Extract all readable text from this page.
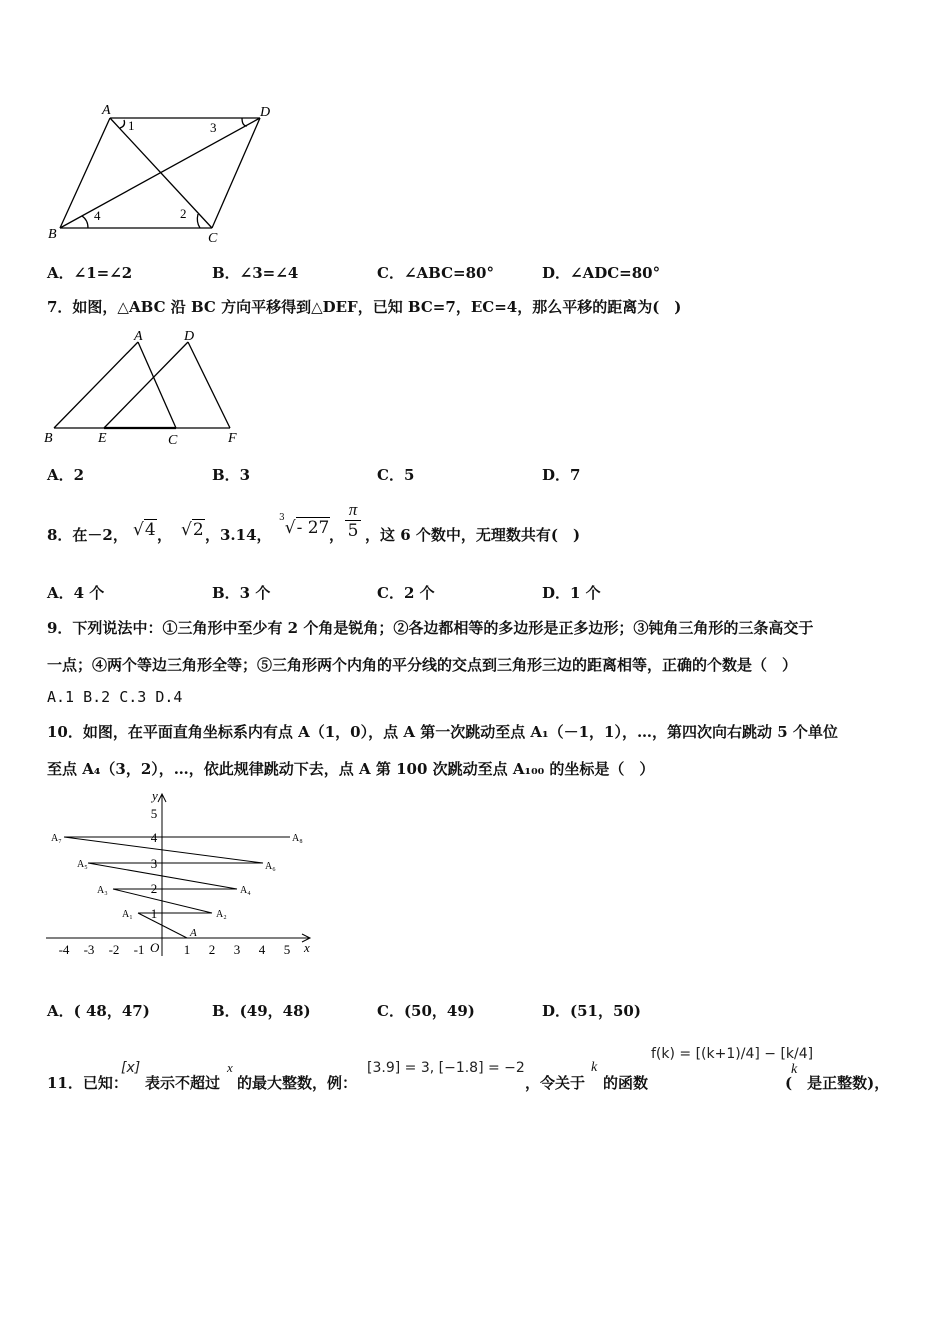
A	D
B	C
1	3
4	2
A．∠1=∠2	B．∠3=∠4	C．∠ABC=80°	D．∠ADC=80°
7．如图，△ABC 沿 BC 方向平移得到△DEF，已知 BC=7，EC=4，那么平移的距离为(　)
A	D
B	E	C	F
A．2	B．3	C．5	D．7
8．在－2， √4 ， √2 ，3.14，
$^3$√- 27 ，
π
5 ，这 6 个数中，无理数共有(　)
A．4 个	B．3 个	C．2 个	D．1 个
9．下列说法中：①三角形中至少有 2 个角是锐角；②各边都相等的多边形是正多边形；③钝角三角形的三条高交于
一点；④两个等边三角形全等；⑤三角形两个内角的平分线的交点到三角形三边的距离相等，正确的个数是（　）
A.1 B.2 C.3 D.4
10．如图，在平面直角坐标系内有点 A（1，0），点 A 第一次跳动至点 A₁（－1，1），…，第四次向右跳动 5 个单位
至点 A₄（3，2），…，依此规律跳动下去，点 A 第 100 次跳动至点 A₁₀₀ 的坐标是（　）
-4 -3 -2 -1	1 2 3 4 5
1
2
3
4
5
x
y
O
A
A₁	A₂
A₃	A₄
A₅	A₆
A₇	A₈
A．( 48，47)	B．(49，48)	C．(50，49)	D．(51，50)
11．已知：
[x]
表示不超过
x
的最大整数，例：
[3.9] = 3, [−1.8] = −2
，令关于
k
的函数
f(k) = [(k+1)/4] − [k/4]
k
(　是正整数)，
